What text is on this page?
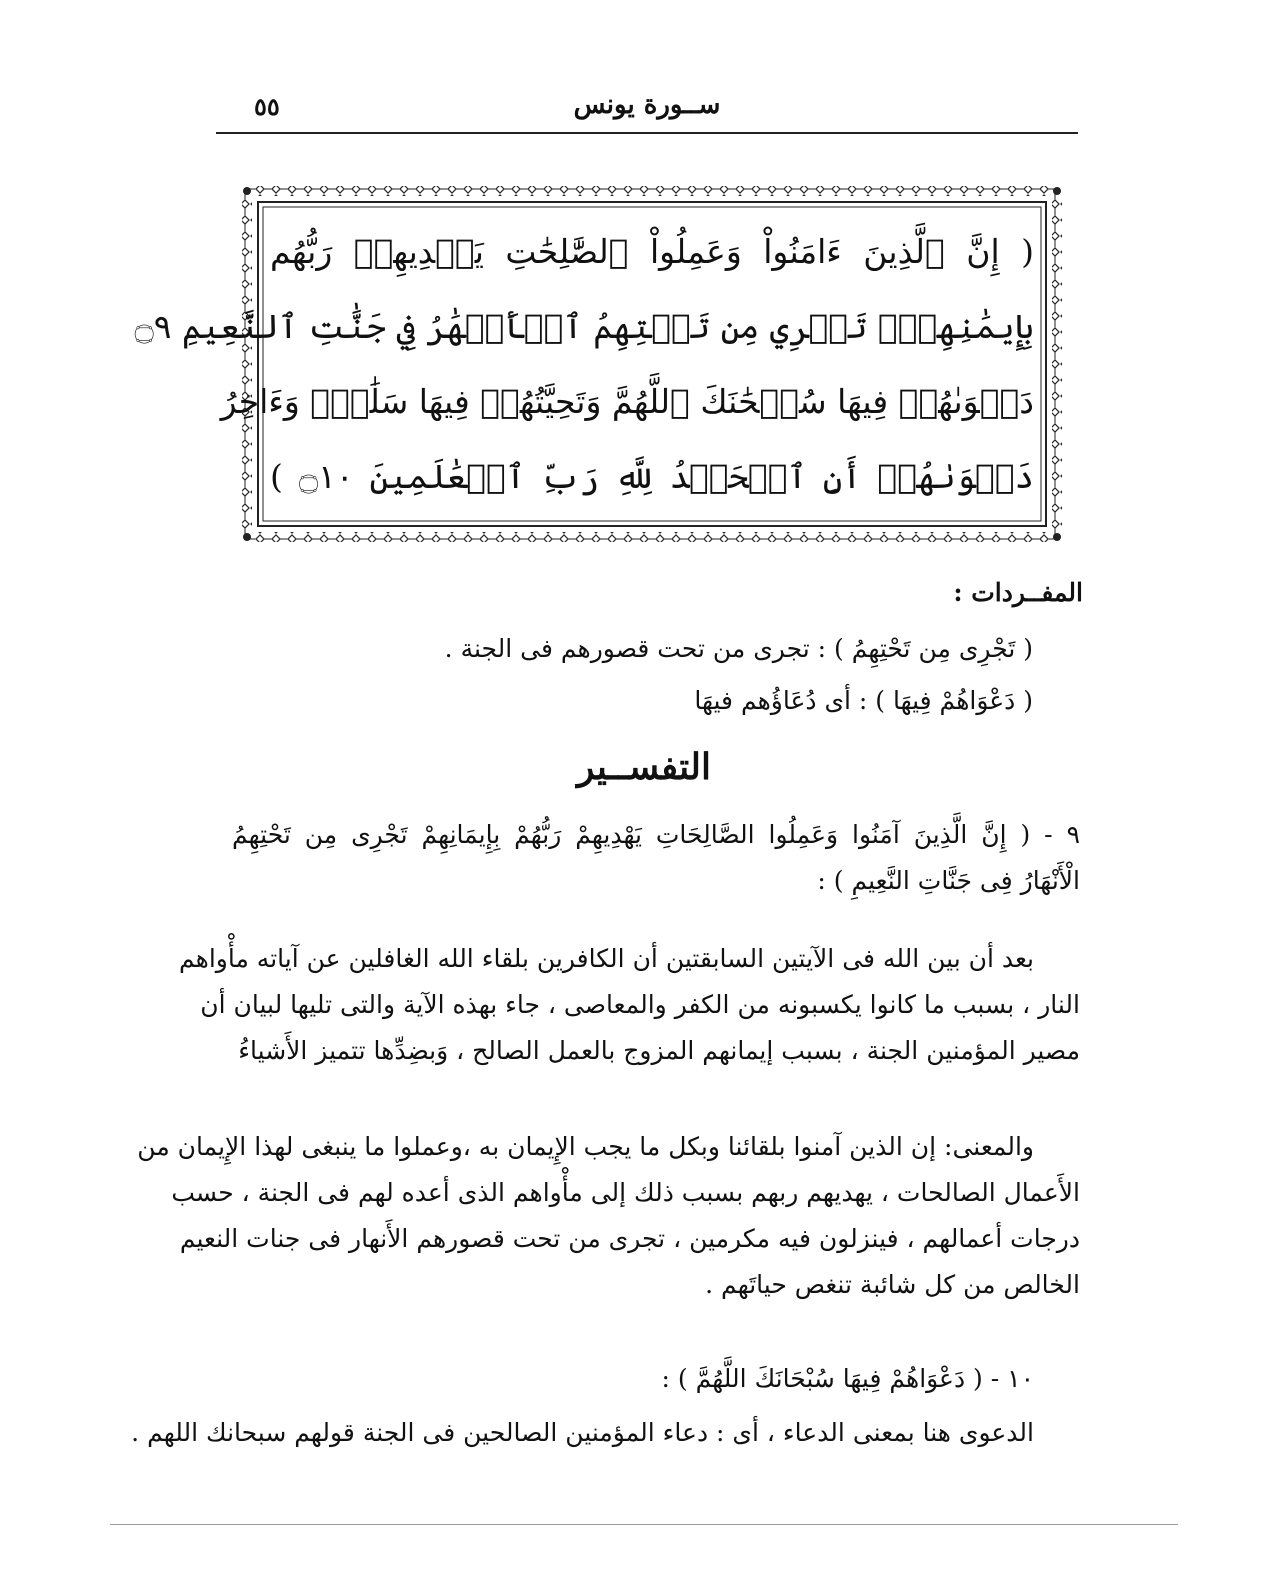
ســورة يونس
٥٥
( إِنَّ ٱلَّذِينَ ءَامَنُواْ وَعَمِلُواْ ٱلصَّٰلِحَٰتِ يَهۡدِيهِمۡ رَبُّهُم
بِإِيمَٰنِهِمۡۖ تَجۡرِي مِن تَحۡتِهِمُ ٱلۡأَنۡهَٰرُ فِي جَنَّٰتِ ٱلنَّعِيمِ ۝٩
دَعۡوَىٰهُمۡ فِيهَا سُبۡحَٰنَكَ ٱللَّهُمَّ وَتَحِيَّتُهُمۡ فِيهَا سَلَٰمٞۚ وَءَاخِرُ
دَعۡوَىٰهُمۡ أَنِ ٱلۡحَمۡدُ لِلَّهِ رَبِّ ٱلۡعَٰلَمِينَ ۝١٠ )
المفــردات :
( تَجْرِى مِن تَحْتِهِمُ ) : تجرى من تحت قصورهم فى الجنة .
( دَعْوَاهُمْ فِيهَا ) : أى دُعَاؤُهم فيهَا
التفســير
٩ - ( إِنَّ الَّذِينَ آمَنُوا وَعَمِلُوا الصَّالِحَاتِ يَهْدِيهِمْ رَبُّهُمْ بِإِيمَانِهِمْ تَجْرِى مِن تَحْتِهِمُ
الْأَنْهَارُ فِى جَنَّاتِ النَّعِيمِ ) :
بعد أن بين الله فى الآيتين السابقتين أن الكافرين بلقاء الله الغافلين عن آياته مأْواهم
النار ، بسبب ما كانوا يكسبونه من الكفر والمعاصى ، جاء بهذه الآية والتى تليها لبيان أن
مصير المؤمنين الجنة ، بسبب إيمانهم المزوج بالعمل الصالح ، وَبضِدِّها تتميز الأَشياءُ
والمعنى: إن الذين آمنوا بلقائنا وبكل ما يجب الإِيمان به ،وعملوا ما ينبغى لهذا الإِيمان من
الأَعمال الصالحات ، يهديهم ربهم بسبب ذلك إلى مأْواهم الذى أعده لهم فى الجنة ، حسب
درجات أعمالهم ، فينزلون فيه مكرمين ، تجرى من تحت قصورهم الأَنهار فى جنات النعيم
الخالص من كل شائبة تنغص حياتَهم .
١٠ - ( دَعْوَاهُمْ فِيهَا سُبْحَانَكَ اللَّهُمَّ ) :
الدعوى هنا بمعنى الدعاء ، أى : دعاء المؤمنين الصالحين فى الجنة قولهم سبحانك اللهم .
